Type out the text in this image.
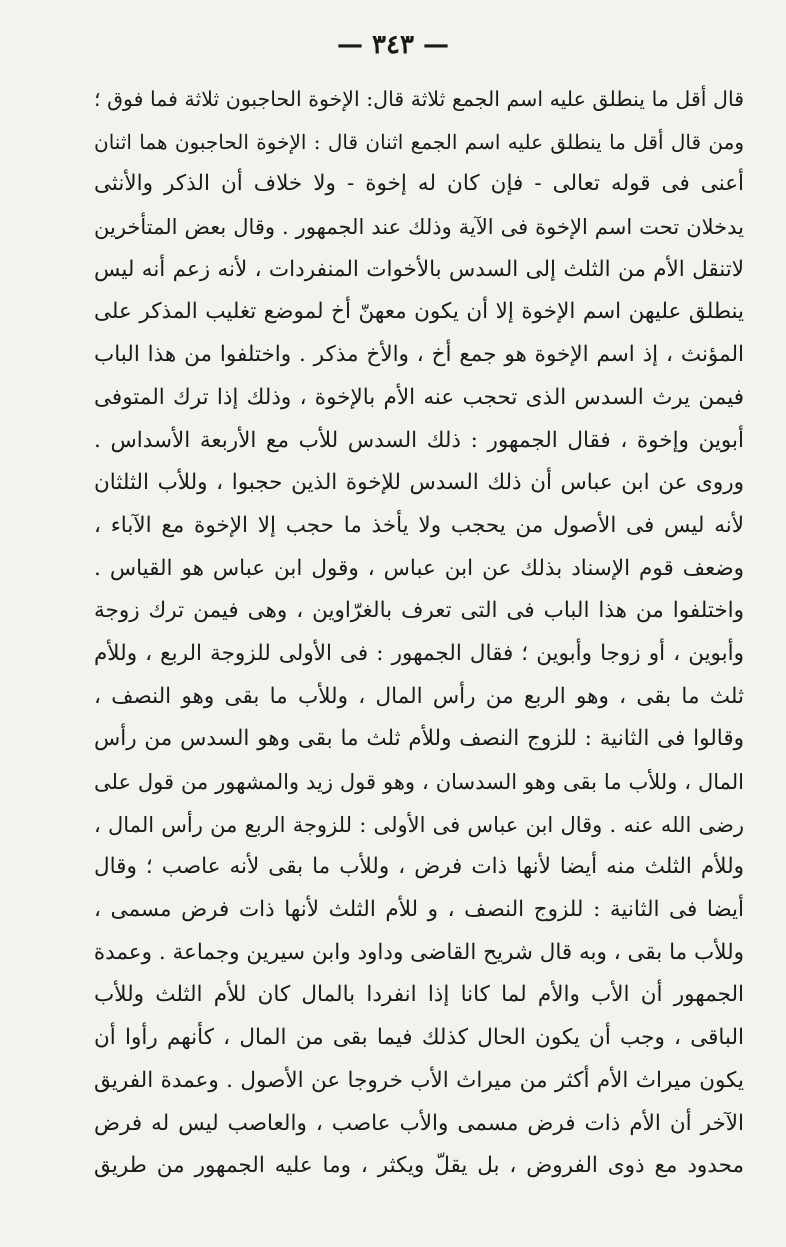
— ٣٤٣ —
قال أقل ما ينطلق عليه اسم الجمع ثلاثة قال: الإخوة الحاجبون ثلاثة فما فوق ؛
ومن قال أقل ما ينطلق عليه اسم الجمع اثنان قال : الإخوة الحاجبون هما اثنان
أعنى فى قوله تعالى - فإن كان له إخوة - ولا خلاف أن الذكر والأنثى
يدخلان تحت اسم الإخوة فى الآية وذلك عند الجمهور . وقال بعض المتأخرين
لاتنقل الأم من الثلث إلى السدس بالأخوات المنفردات ، لأنه زعم أنه ليس
ينطلق عليهن اسم الإخوة إلا أن يكون معهنّ أخ لموضع تغليب المذكر على
المؤنث ، إذ اسم الإخوة هو جمع أخ ، والأخ مذكر . واختلفوا من هذا الباب
فيمن يرث السدس الذى تحجب عنه الأم بالإخوة ، وذلك إذا ترك المتوفى
أبوين وإخوة ، فقال الجمهور : ذلك السدس للأب مع الأربعة الأسداس .
وروى عن ابن عباس أن ذلك السدس للإخوة الذين حجبوا ، وللأب الثلثان
لأنه ليس فى الأصول من يحجب ولا يأخذ ما حجب إلا الإخوة مع الآباء ،
وضعف قوم الإسناد بذلك عن ابن عباس ، وقول ابن عباس هو القياس .
واختلفوا من هذا الباب فى التى تعرف بالغرّاوين ، وهى فيمن ترك زوجة
وأبوين ، أو زوجا وأبوين ؛ فقال الجمهور : فى الأولى للزوجة الربع ، وللأم
ثلث ما بقى ، وهو الربع من رأس المال ، وللأب ما بقى وهو النصف ،
وقالوا فى الثانية : للزوج النصف وللأم ثلث ما بقى وهو السدس من رأس
المال ، وللأب ما بقى وهو السدسان ، وهو قول زيد والمشهور من قول على
رضى الله عنه . وقال ابن عباس فى الأولى : للزوجة الربع من رأس المال ،
وللأم الثلث منه أيضا لأنها ذات فرض ، وللأب ما بقى لأنه عاصب ؛ وقال
أيضا فى الثانية : للزوج النصف ، و للأم الثلث لأنها ذات فرض مسمى ،
وللأب ما بقى ، وبه قال شريح القاضى وداود وابن سيرين وجماعة . وعمدة
الجمهور أن الأب والأم لما كانا إذا انفردا بالمال كان للأم الثلث وللأب
الباقى ، وجب أن يكون الحال كذلك فيما بقى من المال ، كأنهم رأوا أن
يكون ميراث الأم أكثر من ميراث الأب خروجا عن الأصول . وعمدة الفريق
الآخر أن الأم ذات فرض مسمى والأب عاصب ، والعاصب ليس له فرض
محدود مع ذوى الفروض ، بل يقلّ ويكثر ، وما عليه الجمهور من طريق
